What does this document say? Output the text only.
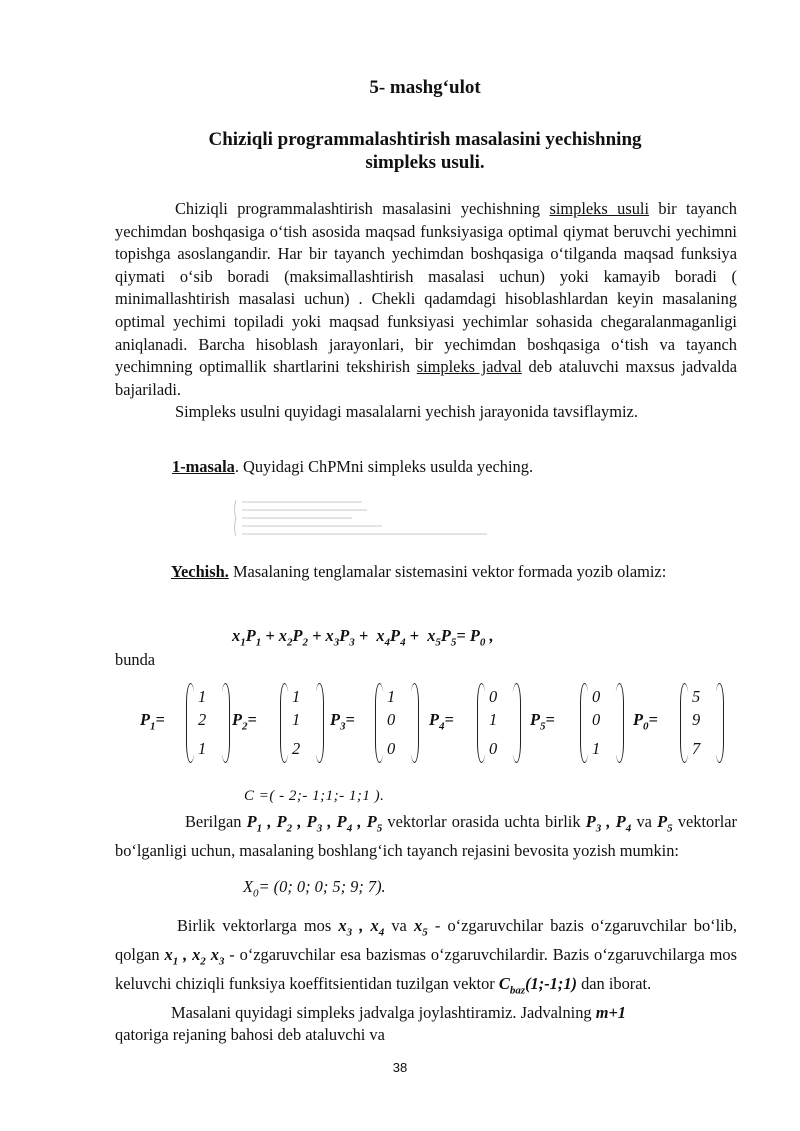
5- mashg‘ulot
Chiziqli programmalashtirish masalasini yechishning
simpleks usuli.

Chiziqli programmalashtirish masalasini yechishning simpleks usuli bir tayanch yechimdan boshqasiga o‘tish asosida maqsad funksiyasiga optimal qiymat beruvchi yechimni topishga asoslangandir. Har bir tayanch yechimdan boshqasiga o‘tilganda maqsad funksiya qiymati o‘sib boradi (maksimallashtirish masalasi uchun) yoki kamayib boradi ( minimallashtirish masalasi uchun) . Chekli qadamdagi hisoblashlardan keyin masalaning optimal yechimi topiladi yoki maqsad funksiyasi yechimlar sohasida chegaralanmaganligi aniqlanadi. Barcha hisoblash jarayonlari, bir yechimdan boshqasiga o‘tish va tayanch yechimning optimallik shartlarini tekshirish simpleks jadval deb ataluvchi maxsus jadvalda bajariladi.

Simpleks usulni quyidagi masalalarni yechish jarayonida tavsiflaymiz.

1-masala. Quyidagi ChPMni simpleks usulda yeching.

Yechish. Masalaning tenglamalar sistemasini vektor formada yozib olamiz:

$x_1P_1 + x_2P_2 + x_3P_3 + x_4P_4 + x_5P_5= P_0$ ,
bunda
$P_1=$
1
2
1
$P_2=$
1
1
2
$P_3=$
1
0
0
$P_4=$
0
1
0
$P_5=$
0
0
1
$P_0=$
5
9
7
C =( - 2;- 1;1;- 1;1 ).

Berilgan $P_1$ , $P_2$ , $P_3$ , $P_4$ , $P_5$ vektorlar orasida uchta birlik $P_3$ , $P_4$ va $P_5$ vektorlar bo‘lganligi uchun, masalaning boshlang‘ich tayanch rejasini bevosita yozish mumkin:

$X_0= (0$; 0; 0; 5; 9; 7).

Birlik vektorlarga mos $x_3$ , $x_4$ va $x_5$ - o‘zgaruvchilar bazis o‘zgaruvchilar bo‘lib, qolgan $x_1$ , $x_2$ $x_3$ - o‘zgaruvchilar esa bazismas o‘zgaruvchilardir. Bazis o‘zgaruvchilarga mos keluvchi chiziqli funksiya koeffitsientidan tuzilgan vektor $C_{baz}(1;-1;1)$ dan iborat.

Masalani quyidagi simpleks jadvalga joylashtiramiz. Jadvalning m+1

qatoriga rejaning bahosi deb ataluvchi va

38
